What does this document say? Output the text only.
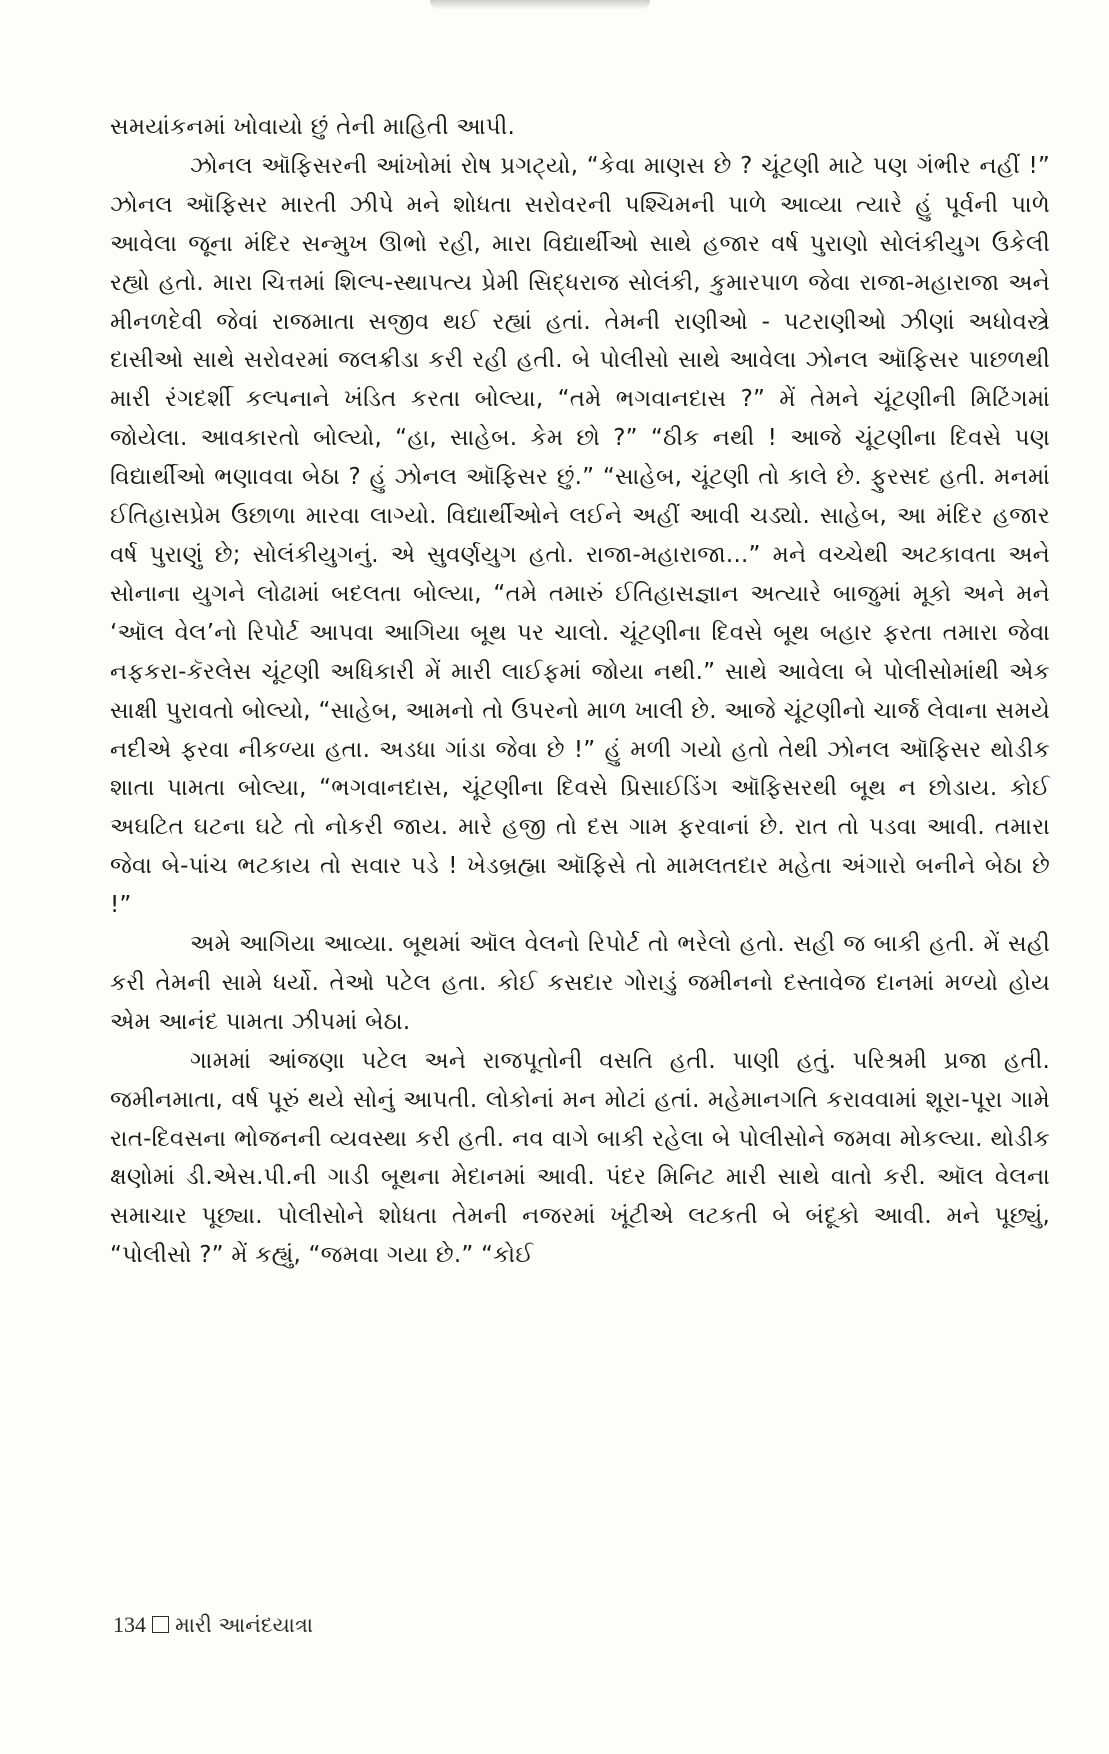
સમયાંકનમાં ખોવાયો છું તેની માહિતી આપી.

ઝોનલ ઑફિસરની આંખોમાં રોષ પ્રગટ્યો, “કેવા માણસ છે ? ચૂંટણી માટે પણ ગંભીર નહીં !” ઝોનલ ઑફિસર મારતી ઝીપે મને શોધતા સરોવરની પશ્ચિમની પાળે આવ્યા ત્યારે હું પૂર્વની પાળે આવેલા જૂના મંદિર સન્મુખ ઊભો રહી, મારા વિદ્યાર્થીઓ સાથે હજાર વર્ષ પુરાણો સોલંકીયુગ ઉકેલી રહ્યો હતો. મારા ચિત્તમાં શિલ્પ-સ્થાપત્ય પ્રેમી સિદ્ધરાજ સોલંકી, કુમારપાળ જેવા રાજા-મહારાજા અને મીનળદેવી જેવાં રાજમાતા સજીવ થઈ રહ્યાં હતાં. તેમની રાણીઓ - પટરાણીઓ ઝીણાં અધોવસ્ત્રે દાસીઓ સાથે સરોવરમાં જલક્રીડા કરી રહી હતી. બે પોલીસો સાથે આવેલા ઝોનલ ઑફિસર પાછળથી મારી રંગદર્શી કલ્પનાને ખંડિત કરતા બોલ્યા, “તમે ભગવાનદાસ ?” મેં તેમને ચૂંટણીની મિટિંગમાં જોયેલા. આવકારતો બોલ્યો, “હા, સાહેબ. કેમ છો ?” “ઠીક નથી ! આજે ચૂંટણીના દિવસે પણ વિદ્યાર્થીઓ ભણાવવા બેઠા ? હું ઝોનલ ઑફિસર છું.” “સાહેબ, ચૂંટણી તો કાલે છે. ફુરસદ હતી. મનમાં ઈતિહાસપ્રેમ ઉછાળા મારવા લાગ્યો. વિદ્યાર્થીઓને લઈને અહીં આવી ચડ્યો. સાહેબ, આ મંદિર હજાર વર્ષ પુરાણું છે; સોલંકીયુગનું. એ સુવર્ણયુગ હતો. રાજા-મહારાજા...” મને વચ્ચેથી અટકાવતા અને સોનાના યુગને લોઢામાં બદલતા બોલ્યા, “તમે તમારું ઈતિહાસજ્ઞાન અત્યારે બાજુમાં મૂકો અને મને ‘ઑલ વેલ’નો રિપોર્ટ આપવા આગિયા બૂથ પર ચાલો. ચૂંટણીના દિવસે બૂથ બહાર ફરતા તમારા જેવા નફકરા-કૅરલેસ ચૂંટણી અધિકારી મેં મારી લાઈફમાં જોયા નથી.” સાથે આવેલા બે પોલીસોમાંથી એક સાક્ષી પુરાવતો બોલ્યો, “સાહેબ, આમનો તો ઉપરનો માળ ખાલી છે. આજે ચૂંટણીનો ચાર્જ લેવાના સમયે નદીએ ફરવા નીકળ્યા હતા. અડધા ગાંડા જેવા છે !” હું મળી ગયો હતો તેથી ઝોનલ ઑફિસર થોડીક શાતા પામતા બોલ્યા, “ભગવાનદાસ, ચૂંટણીના દિવસે પ્રિસાઈડિંગ ઑફિસરથી બૂથ ન છોડાય. કોઈ અઘટિત ઘટના ઘટે તો નોકરી જાય. મારે હજી તો દસ ગામ ફરવાનાં છે. રાત તો પડવા આવી. તમારા જેવા બે-પાંચ ભટકાય તો સવાર પડે ! ખેડબ્રહ્મા ઑફિસે તો મામલતદાર મહેતા અંગારો બનીને બેઠા છે !”

અમે આગિયા આવ્યા. બૂથમાં ઑલ વેલનો રિપોર્ટ તો ભરેલો હતો. સહી જ બાકી હતી. મેં સહી કરી તેમની સામે ધર્યો. તેઓ પટેલ હતા. કોઈ કસદાર ગોરાડું જમીનનો દસ્તાવેજ દાનમાં મળ્યો હોય એમ આનંદ પામતા ઝીપમાં બેઠા.

ગામમાં આંજણા પટેલ અને રાજપૂતોની વસતિ હતી. પાણી હતું. પરિશ્રમી પ્રજા હતી. જમીનમાતા, વર્ષ પૂરું થયે સોનું આપતી. લોકોનાં મન મોટાં હતાં. મહેમાનગતિ કરાવવામાં શૂરા-પૂરા ગામે રાત-દિવસના ભોજનની વ્યવસ્થા કરી હતી. નવ વાગે બાકી રહેલા બે પોલીસોને જમવા મોકલ્યા. થોડીક ક્ષણોમાં ડી.એસ.પી.ની ગાડી બૂથના મેદાનમાં આવી. પંદર મિનિટ મારી સાથે વાતો કરી. ઑલ વેલના સમાચાર પૂછ્યા. પોલીસોને શોધતા તેમની નજરમાં ખૂંટીએ લટકતી બે બંદૂકો આવી. મને પૂછ્યું, “પોલીસો ?” મેં કહ્યું, “જમવા ગયા છે.” “કોઈ

134 મારી આનંદયાત્રા
